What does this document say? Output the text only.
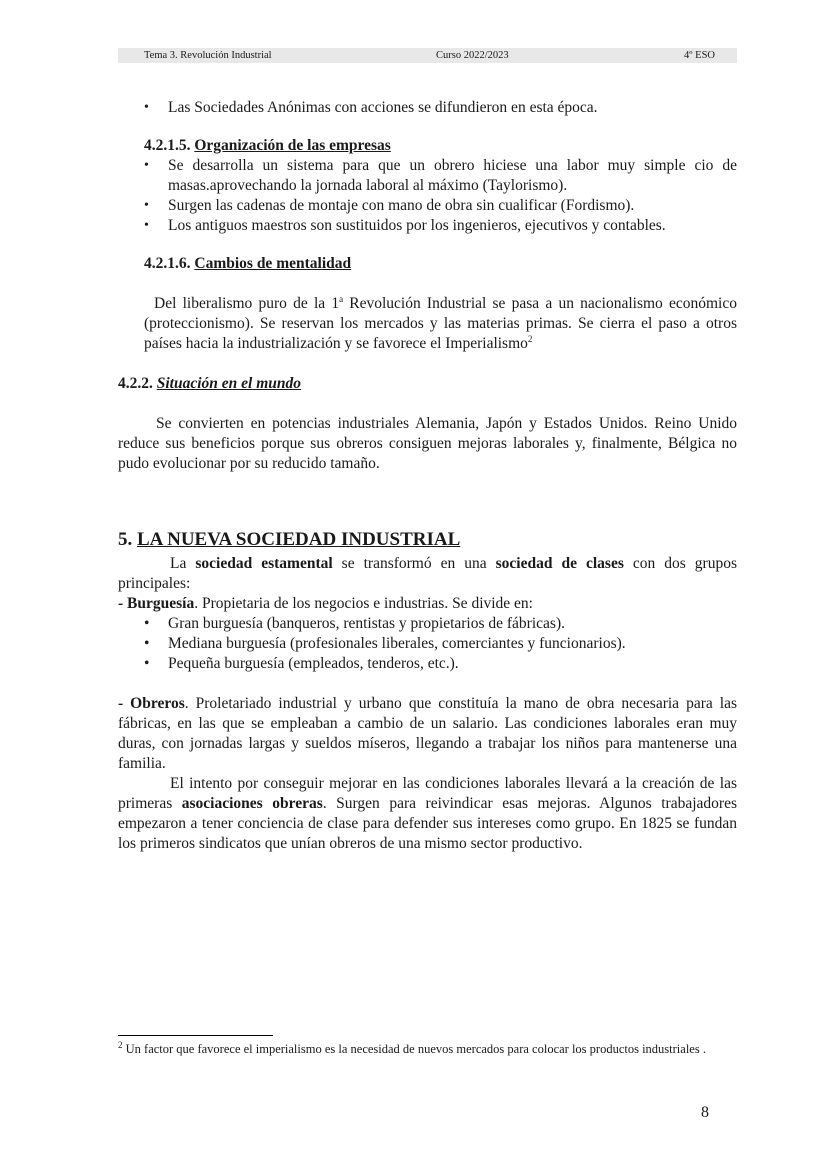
Tema 3. Revolución Industrial	Curso 2022/2023	4º ESO
• Las Sociedades Anónimas con acciones se difundieron en esta época.
4.2.1.5. Organización de las empresas
• Se desarrolla un sistema para que un obrero hiciese una labor muy simple cio de masas.aprovechando la jornada laboral al máximo (Taylorismo).
• Surgen las cadenas de montaje con mano de obra sin cualificar (Fordismo).
• Los antiguos maestros son sustituidos por los ingenieros, ejecutivos y contables.
4.2.1.6. Cambios de mentalidad

Del liberalismo puro de la 1$^a$ Revolución Industrial se pasa a un nacionalismo económico (proteccionismo). Se reservan los mercados y las materias primas. Se cierra el paso a otros países hacia la industrialización y se favorece el Imperialismo$^2$

4.2.2. Situación en el mundo

Se convierten en potencias industriales Alemania, Japón y Estados Unidos. Reino Unido reduce sus beneficios porque sus obreros consiguen mejoras laborales y, finalmente, Bélgica no pudo evolucionar por su reducido tamaño.

5. LA NUEVA SOCIEDAD INDUSTRIAL

La sociedad estamental se transformó en una sociedad de clases con dos grupos principales:

- Burguesía. Propietaria de los negocios e industrias. Se divide en:

• Gran burguesía (banqueros, rentistas y propietarios de fábricas).
• Mediana burguesía (profesionales liberales, comerciantes y funcionarios).
• Pequeña burguesía (empleados, tenderos, etc.).

- Obreros. Proletariado industrial y urbano que constituía la mano de obra necesaria para las fábricas, en las que se empleaban a cambio de un salario. Las condiciones laborales eran muy duras, con jornadas largas y sueldos míseros, llegando a trabajar los niños para mantenerse una familia.

El intento por conseguir mejorar en las condiciones laborales llevará a la creación de las primeras asociaciones obreras. Surgen para reivindicar esas mejoras. Algunos trabajadores empezaron a tener conciencia de clase para defender sus intereses como grupo. En 1825 se fundan los primeros sindicatos que unían obreros de una mismo sector productivo.

$^2$ Un factor que favorece el imperialismo es la necesidad de nuevos mercados para colocar los productos industriales .
8
